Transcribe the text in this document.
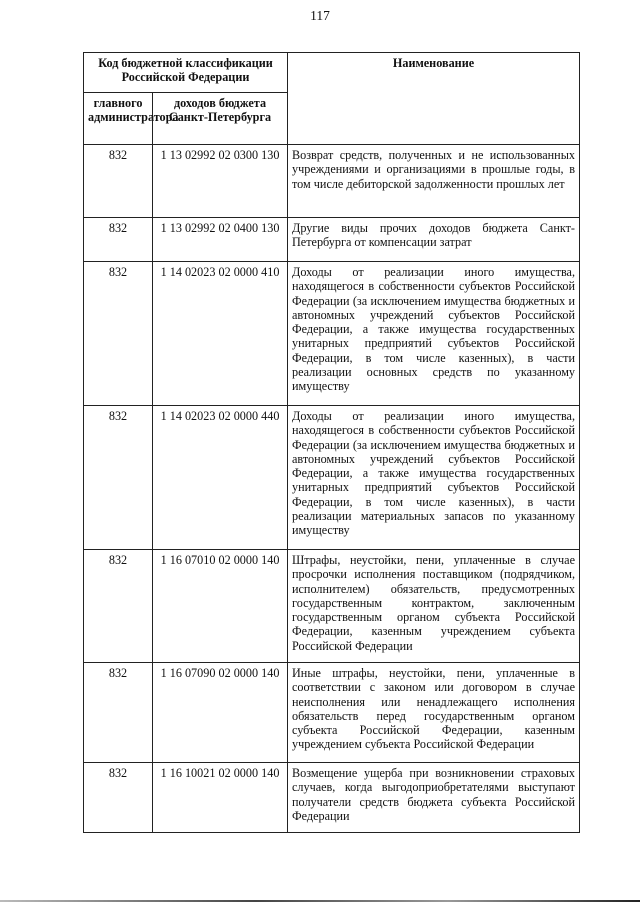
117
Код бюджетной классификации Российской Федерации		Наименование
главного администратора	доходов бюджета Санкт-Петербурга	
832	1 13 02992 02 0300 130	Возврат средств, полученных и не использованных учреждениями и организациями в прошлые годы, в том числе дебиторской задолженности прошлых лет
832	1 13 02992 02 0400 130	Другие виды прочих доходов бюджета Санкт-Петербурга от компенсации затрат
832	1 14 02023 02 0000 410	Доходы от реализации иного имущества, находящегося в собственности субъектов Российской Федерации (за исключением имущества бюджетных и автономных учреждений субъектов Российской Федерации, а также имущества государственных унитарных предприятий субъектов Российской Федерации, в том числе казенных), в части реализации основных средств по указанному имуществу
832	1 14 02023 02 0000 440	Доходы от реализации иного имущества, находящегося в собственности субъектов Российской Федерации (за исключением имущества бюджетных и автономных учреждений субъектов Российской Федерации, а также имущества государственных унитарных предприятий субъектов Российской Федерации, в том числе казенных), в части реализации материальных запасов по указанному имуществу
832	1 16 07010 02 0000 140	Штрафы, неустойки, пени, уплаченные в случае просрочки исполнения поставщиком (подрядчиком, исполнителем) обязательств, предусмотренных государственным контрактом, заключенным государственным органом субъекта Российской Федерации, казенным учреждением субъекта Российской Федерации
832	1 16 07090 02 0000 140	Иные штрафы, неустойки, пени, уплаченные в соответствии с законом или договором в случае неисполнения или ненадлежащего исполнения обязательств перед государственным органом субъекта Российской Федерации, казенным учреждением субъекта Российской Федерации
832	1 16 10021 02 0000 140	Возмещение ущерба при возникновении страховых случаев, когда выгодоприобретателями выступают получатели средств бюджета субъекта Российской Федерации
